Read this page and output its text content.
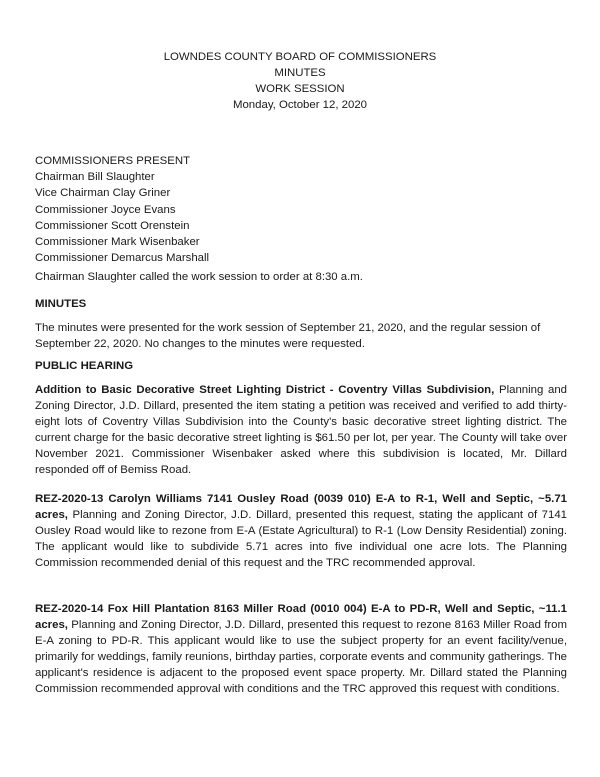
LOWNDES COUNTY BOARD OF COMMISSIONERS
MINUTES
WORK SESSION
Monday, October 12, 2020
COMMISSIONERS PRESENT
Chairman Bill Slaughter
Vice Chairman Clay Griner
Commissioner Joyce Evans
Commissioner Scott Orenstein
Commissioner Mark Wisenbaker
Commissioner Demarcus Marshall
Chairman Slaughter called the work session to order at 8:30 a.m.
MINUTES
The minutes were presented for the work session of September 21, 2020, and the regular session of September 22, 2020. No changes to the minutes were requested.
PUBLIC HEARING
Addition to Basic Decorative Street Lighting District - Coventry Villas Subdivision, Planning and Zoning Director, J.D. Dillard, presented the item stating a petition was received and verified to add thirty-eight lots of Coventry Villas Subdivision into the County's basic decorative street lighting district. The current charge for the basic decorative street lighting is $61.50 per lot, per year. The County will take over November 2021. Commissioner Wisenbaker asked where this subdivision is located, Mr. Dillard responded off of Bemiss Road.
REZ-2020-13 Carolyn Williams 7141 Ousley Road (0039 010) E-A to R-1, Well and Septic, ~5.71 acres, Planning and Zoning Director, J.D. Dillard, presented this request, stating the applicant of 7141 Ousley Road would like to rezone from E-A (Estate Agricultural) to R-1 (Low Density Residential) zoning. The applicant would like to subdivide 5.71 acres into five individual one acre lots. The Planning Commission recommended denial of this request and the TRC recommended approval.
REZ-2020-14 Fox Hill Plantation 8163 Miller Road (0010 004) E-A to PD-R, Well and Septic, ~11.1 acres, Planning and Zoning Director, J.D. Dillard, presented this request to rezone 8163 Miller Road from E-A zoning to PD-R. This applicant would like to use the subject property for an event facility/venue, primarily for weddings, family reunions, birthday parties, corporate events and community gatherings. The applicant's residence is adjacent to the proposed event space property. Mr. Dillard stated the Planning Commission recommended approval with conditions and the TRC approved this request with conditions.
